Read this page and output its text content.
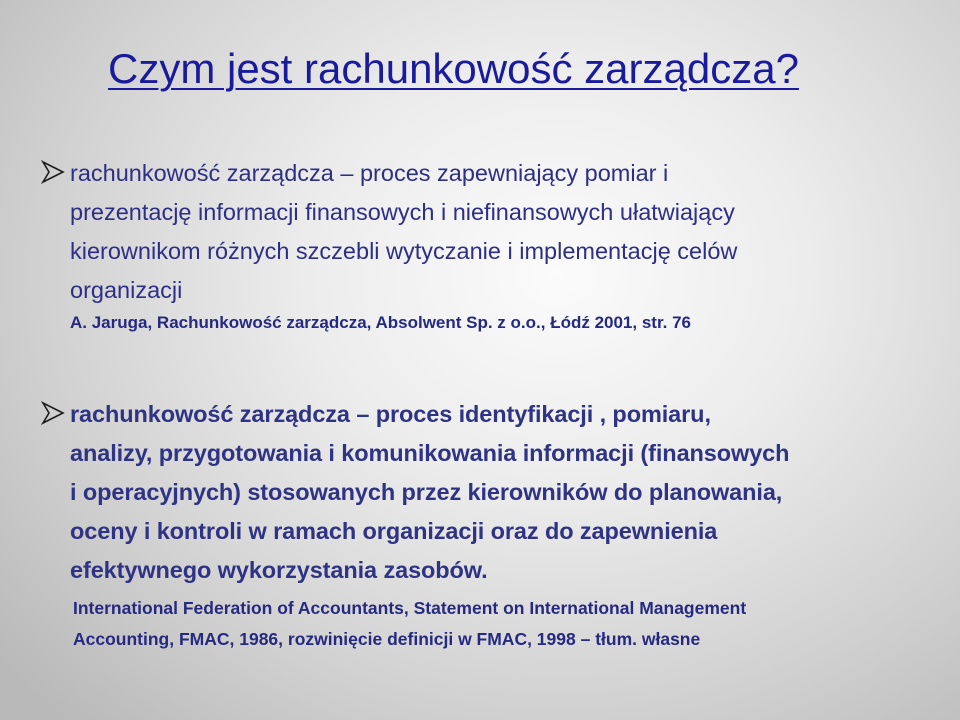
Czym jest rachunkowość zarządcza?

rachunkowość zarządcza – proces zapewniający pomiar i
prezentację informacji finansowych i niefinansowych ułatwiający
kierownikom różnych szczebli wytyczanie i implementację celów
organizacji

A. Jaruga, Rachunkowość zarządcza, Absolwent Sp. z o.o., Łódź 2001, str. 76

rachunkowość zarządcza – proces identyfikacji , pomiaru,
analizy, przygotowania i komunikowania informacji (finansowych
i operacyjnych) stosowanych przez kierowników do planowania,
oceny i kontroli w ramach organizacji oraz do zapewnienia
efektywnego wykorzystania zasobów.

International Federation of Accountants, Statement on International Management
Accounting, FMAC, 1986, rozwinięcie definicji w FMAC, 1998 – tłum. własne
